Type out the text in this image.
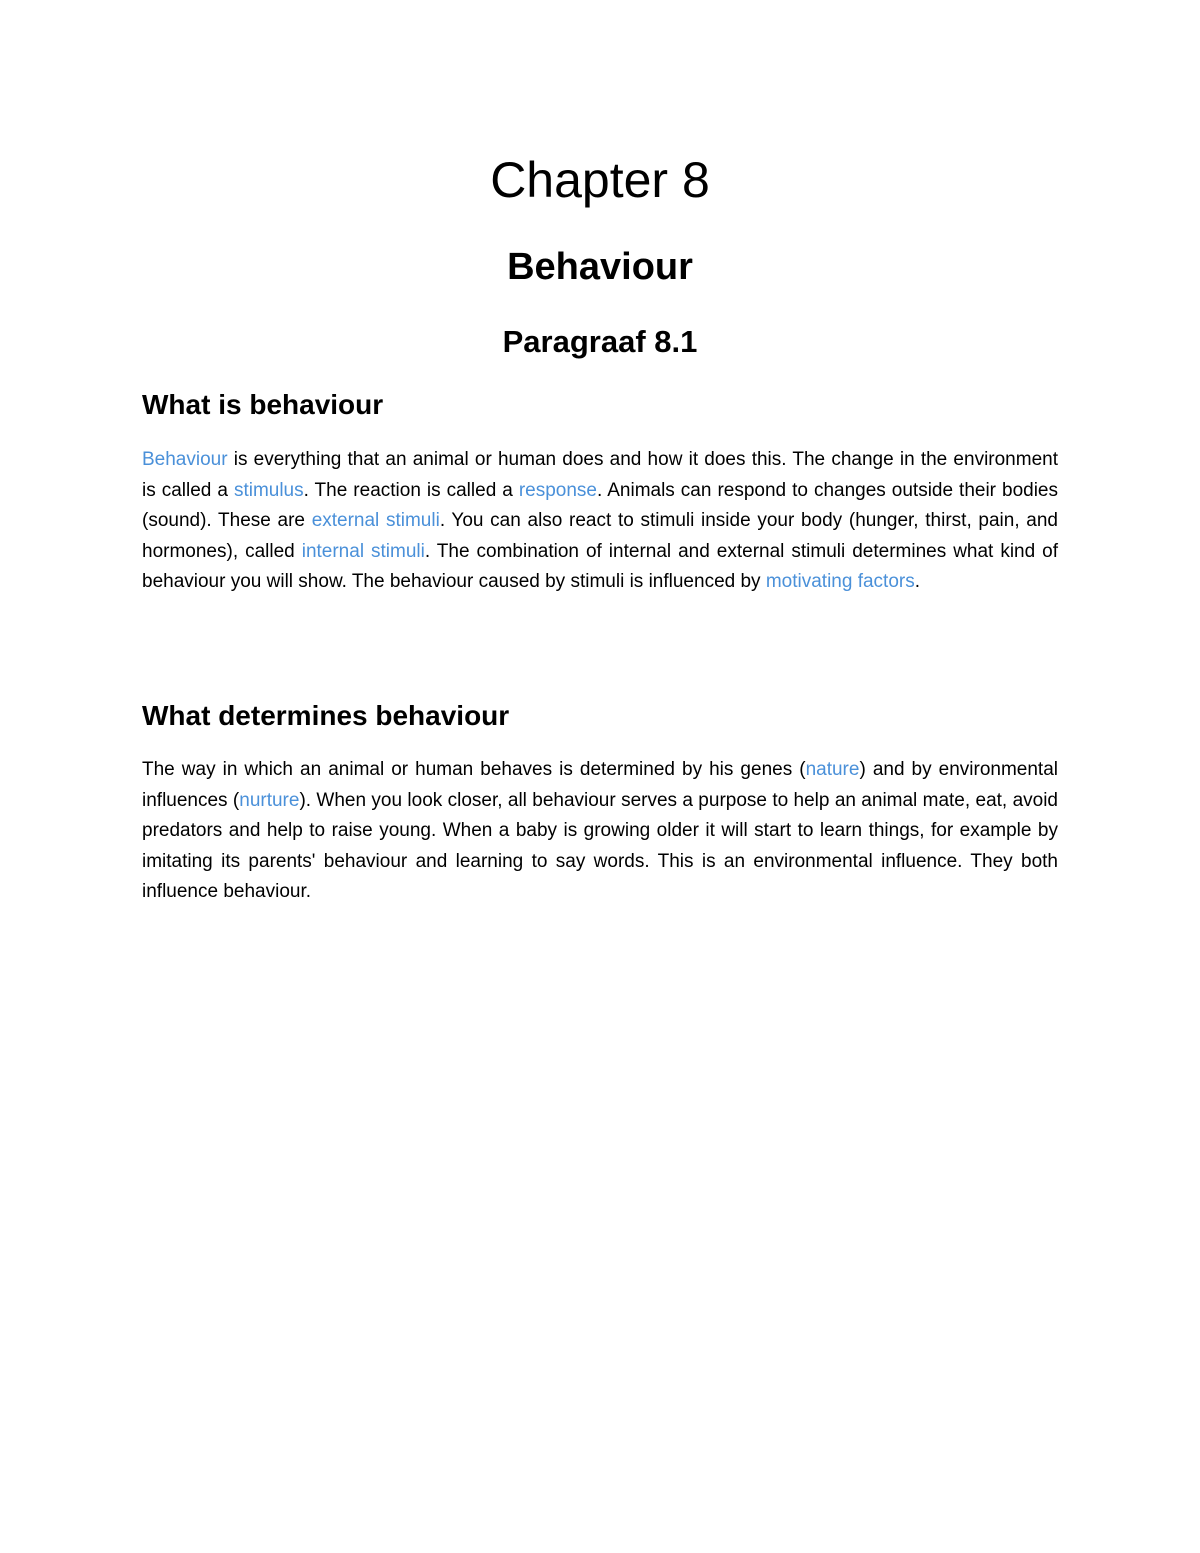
Chapter 8
Behaviour
Paragraaf 8.1
What is behaviour

Behaviour is everything that an animal or human does and how it does this. The change in the environment is called a stimulus. The reaction is called a response. Animals can respond to changes outside their bodies (sound). These are external stimuli. You can also react to stimuli inside your body (hunger, thirst, pain, and hormones), called internal stimuli. The combination of internal and external stimuli determines what kind of behaviour you will show. The behaviour caused by stimuli is influenced by motivating factors.

What determines behaviour

The way in which an animal or human behaves is determined by his genes (nature) and by environmental influences (nurture). When you look closer, all behaviour serves a purpose to help an animal mate, eat, avoid predators and help to raise young. When a baby is growing older it will start to learn things, for example by imitating its parents' behaviour and learning to say words. This is an environmental influence. They both influence behaviour.
